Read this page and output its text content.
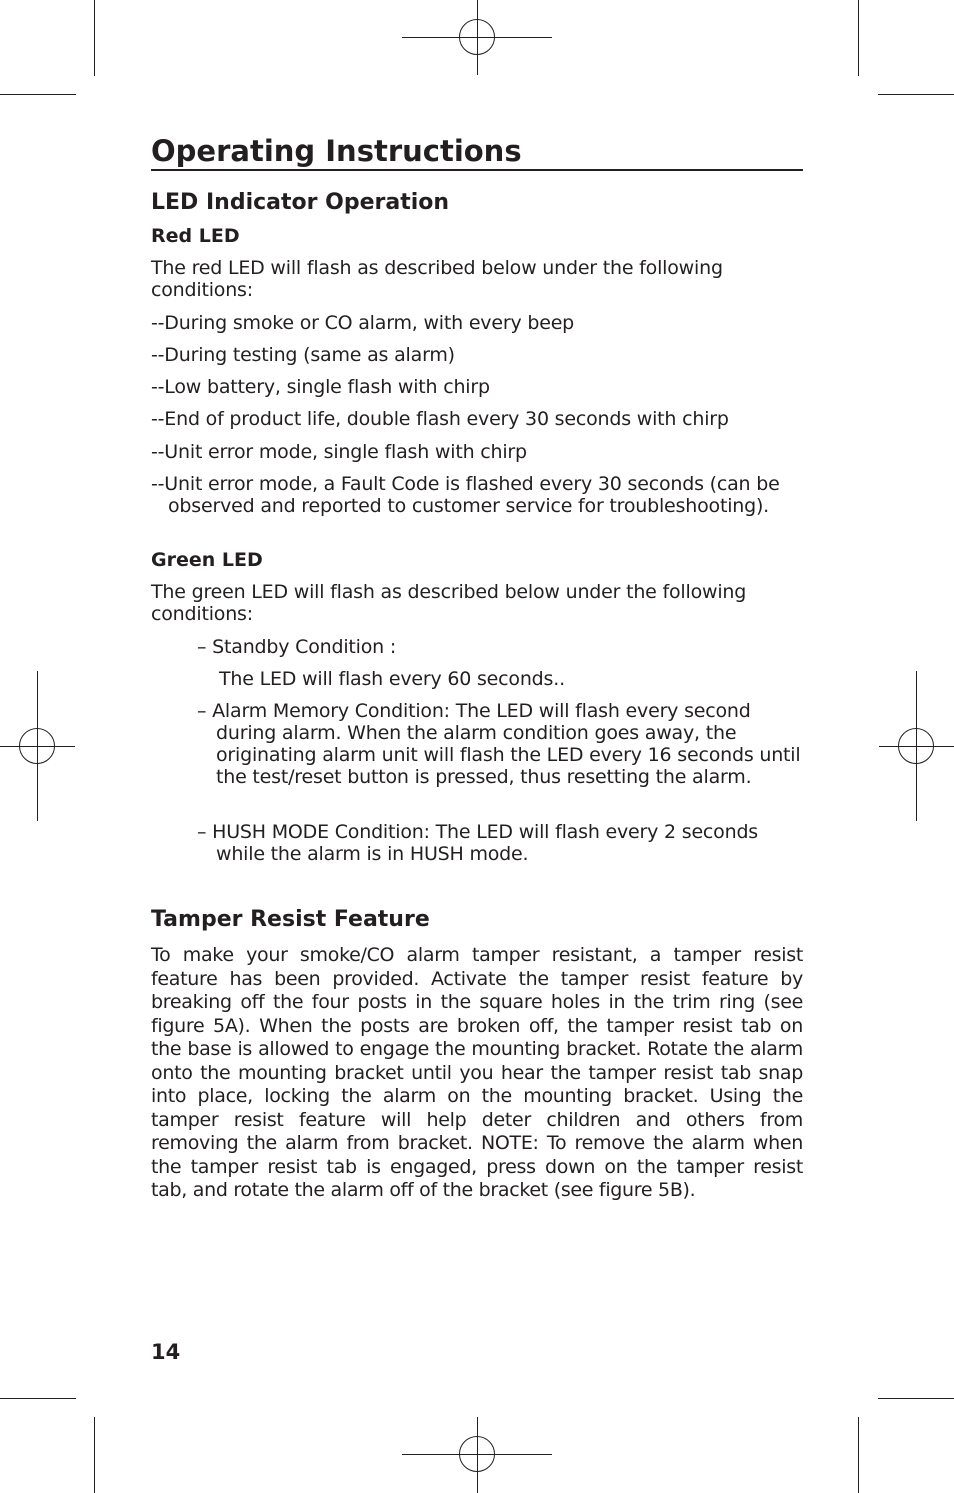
Operating Instructions
LED Indicator Operation
Red LED
The red LED will flash as described below under the following conditions:
--During smoke or CO alarm, with every beep
--During testing (same as alarm)
--Low battery, single flash with chirp
--End of product life, double flash every 30 seconds with chirp
--Unit error mode, single flash with chirp
--Unit error mode, a Fault Code is flashed every 30 seconds (can be observed and reported to customer service for troubleshooting).
Green LED
The green LED will flash as described below under the following conditions:
– Standby Condition :
The LED will flash every 60 seconds..
– Alarm Memory Condition: The LED will flash every second during alarm. When the alarm condition goes away, the originating alarm unit will flash the LED every 16 seconds until the test/reset button is pressed, thus resetting the alarm.
– HUSH MODE Condition: The LED will flash every 2 seconds while the alarm is in HUSH mode.
Tamper Resist Feature
To make your smoke/CO alarm tamper resistant, a tamper resist feature has been provided. Activate the tamper resist feature by breaking off the four posts in the square holes in the trim ring (see figure 5A). When the posts are broken off, the tamper resist tab on the base is allowed to engage the mounting bracket. Rotate the alarm onto the mounting bracket until you hear the tamper resist tab snap into place, locking the alarm on the mounting bracket. Using the tamper resist feature will help deter children and others from removing the alarm from bracket. NOTE: To remove the alarm when the tamper resist tab is engaged, press down on the tamper resist tab, and rotate the alarm off of the bracket (see figure 5B).
14
